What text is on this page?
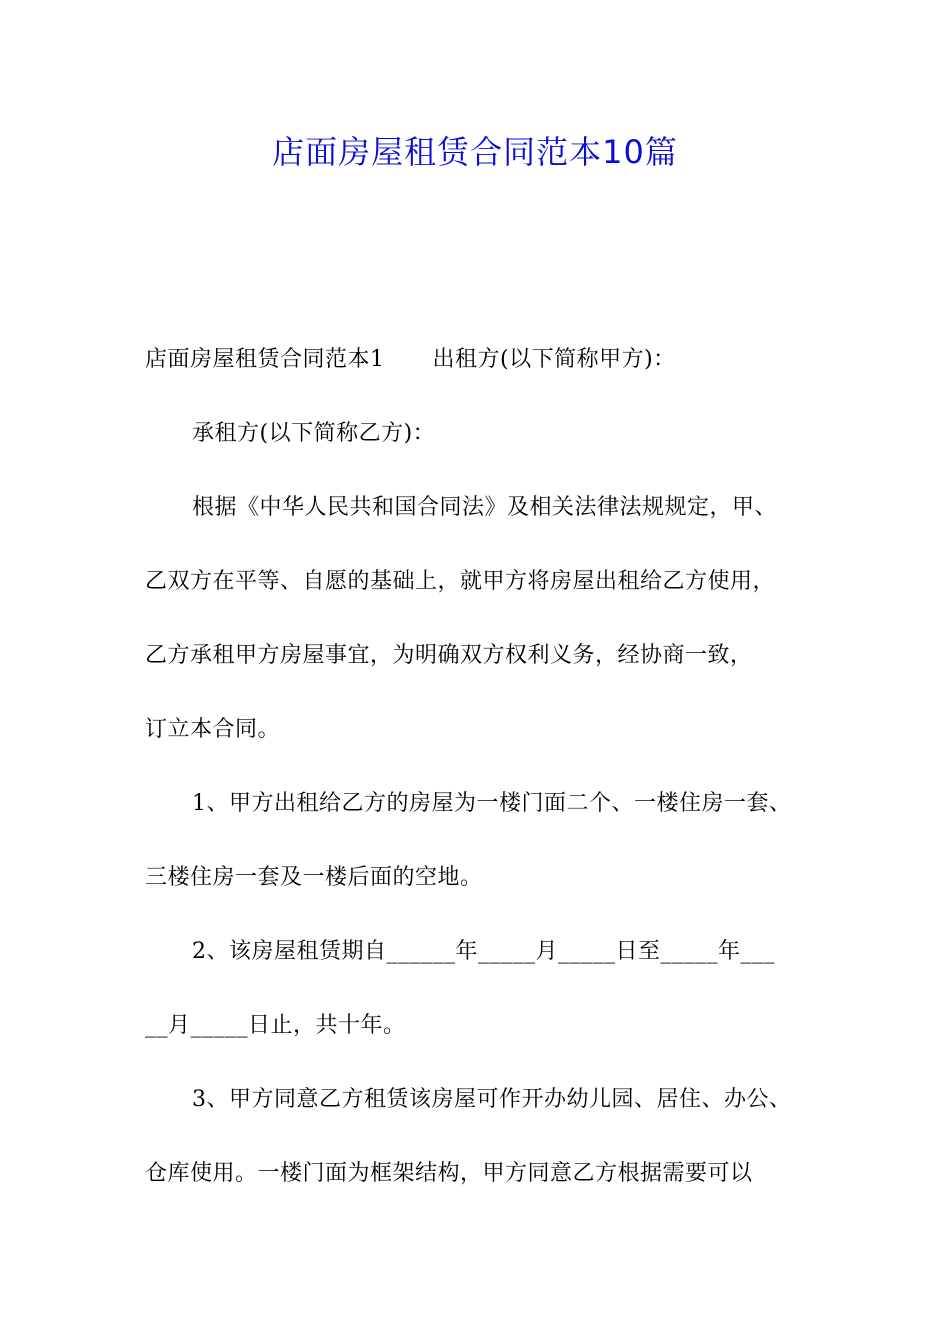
店面房屋租赁合同范本10篇
店面房屋租赁合同范本1 出租方(以下简称甲方)：
承租方(以下简称乙方)：
根据《中华人民共和国合同法》及相关法律法规规定，甲、
乙双方在平等、自愿的基础上，就甲方将房屋出租给乙方使用，
乙方承租甲方房屋事宜，为明确双方权利义务，经协商一致，
订立本合同。
1、甲方出租给乙方的房屋为一楼门面二个、一楼住房一套、
三楼住房一套及一楼后面的空地。
2、该房屋租赁期自______年_____月_____日至_____年___
__月_____日止，共十年。
3、甲方同意乙方租赁该房屋可作开办幼儿园、居住、办公、
仓库使用。一楼门面为框架结构，甲方同意乙方根据需要可以
